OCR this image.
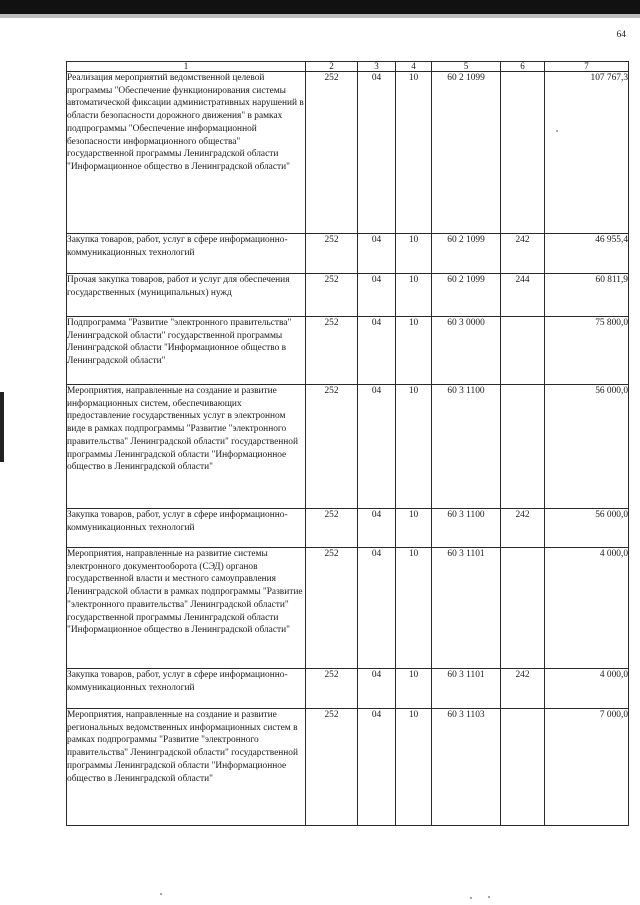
64
1	2	3	4	5	6	7
Реализация мероприятий ведомственной целевой программы "Обеспечение функционирования системы автоматической фиксации административных нарушений в области безопасности дорожного движения" в рамках подпрограммы "Обеспечение информационной безопасности информационного общества" государственной программы Ленинградской области "Информационное общество в Ленинградской области"	252	04	10	60 2 1099		107 767,3
Закупка товаров, работ, услуг в сфере информационно-коммуникационных технологий	252	04	10	60 2 1099	242	46 955,4
Прочая закупка товаров, работ и услуг для обеспечения государственных (муниципальных) нужд	252	04	10	60 2 1099	244	60 811,9
Подпрограмма "Развитие "электронного правительства" Ленинградской области" государственной программы Ленинградской области "Информационное общество в Ленинградской области"	252	04	10	60 3 0000		75 800,0
Мероприятия, направленные на создание и развитие информационных систем, обеспечивающих предоставление государственных услуг в электронном виде в рамках подпрограммы "Развитие "электронного правительства" Ленинградской области" государственной программы Ленинградской области "Информационное общество в Ленинградской области"	252	04	10	60 3 1100		56 000,0
Закупка товаров, работ, услуг в сфере информационно-коммуникационных технологий	252	04	10	60 3 1100	242	56 000,0
Мероприятия, направленные на развитие системы электронного документооборота (СЭД) органов государственной власти и местного самоуправления Ленинградской области в рамках подпрограммы "Развитие "электронного правительства" Ленинградской области" государственной программы Ленинградской области "Информационное общество в Ленинградской области"	252	04	10	60 3 1101		4 000,0
Закупка товаров, работ, услуг в сфере информационно-коммуникационных технологий	252	04	10	60 3 1101	242	4 000,0
Мероприятия, направленные на создание и развитие региональных ведомственных информационных систем в рамках подпрограммы "Развитие "электронного правительства" Ленинградской области" государственной программы Ленинградской области "Информационное общество в Ленинградской области"	252	04	10	60 3 1103		7 000,0
